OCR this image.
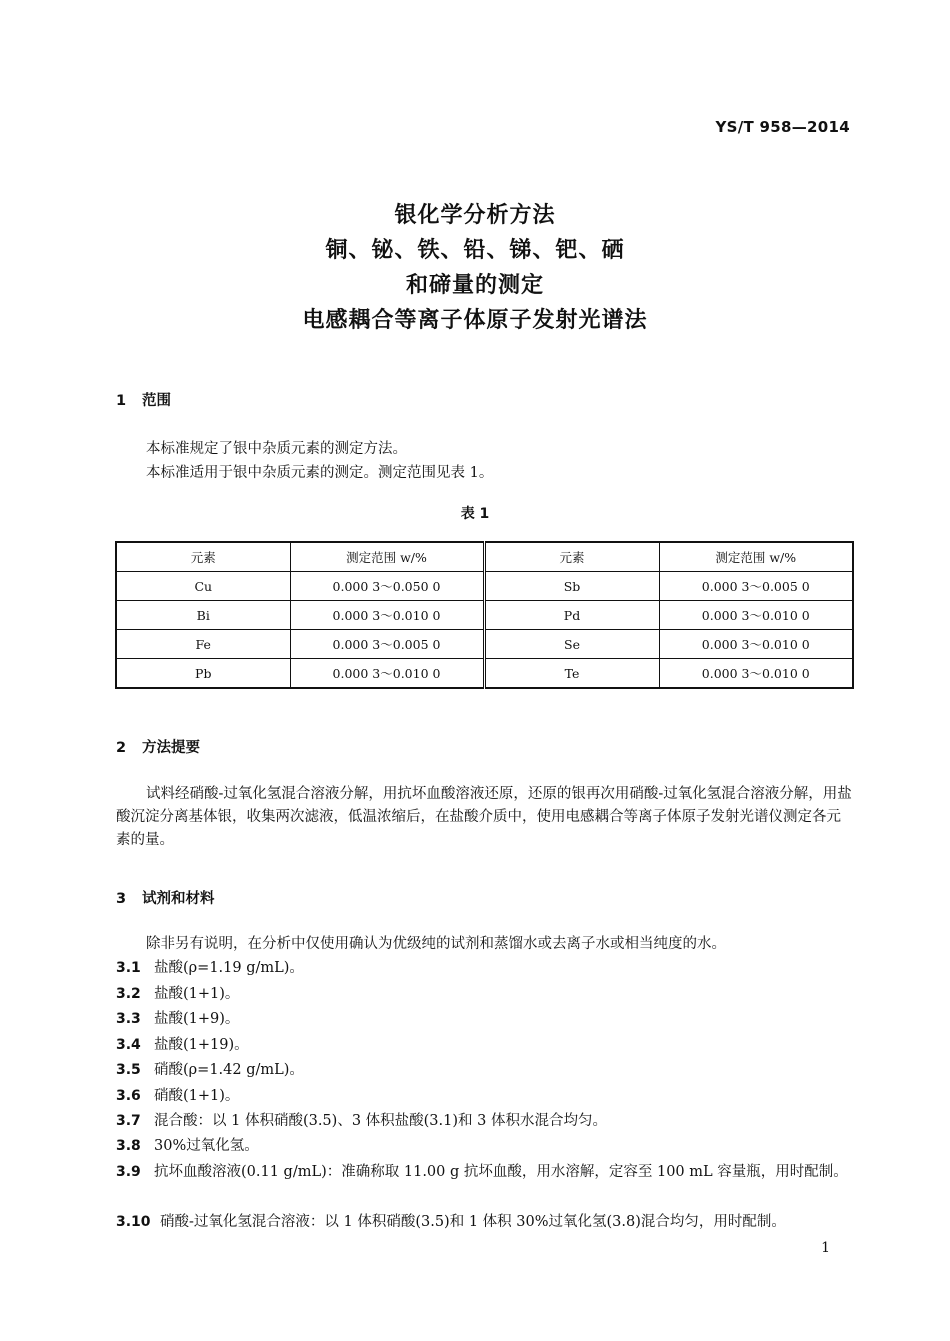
YS/T 958—2014
银化学分析方法
铜、铋、铁、铅、锑、钯、硒
和碲量的测定
电感耦合等离子体原子发射光谱法
1 范围
本标准规定了银中杂质元素的测定方法。
本标准适用于银中杂质元素的测定。测定范围见表 1。
表 1
元素	测定范围 w/%	元素	测定范围 w/%
Cu	0.000 3～0.050 0	Sb	0.000 3～0.005 0
Bi	0.000 3～0.010 0	Pd	0.000 3～0.010 0
Fe	0.000 3～0.005 0	Se	0.000 3～0.010 0
Pb	0.000 3～0.010 0	Te	0.000 3～0.010 0
2 方法提要
试料经硝酸-过氧化氢混合溶液分解，用抗坏血酸溶液还原，还原的银再次用硝酸-过氧化氢混合溶液分解，用盐酸沉淀分离基体银，收集两次滤液，低温浓缩后，在盐酸介质中，使用电感耦合等离子体原子发射光谱仪测定各元素的量。
3 试剂和材料
除非另有说明，在分析中仅使用确认为优级纯的试剂和蒸馏水或去离子水或相当纯度的水。
3.1 盐酸(ρ=1.19 g/mL)。
3.2 盐酸(1+1)。
3.3 盐酸(1+9)。
3.4 盐酸(1+19)。
3.5 硝酸(ρ=1.42 g/mL)。
3.6 硝酸(1+1)。
3.7 混合酸：以 1 体积硝酸(3.5)、3 体积盐酸(3.1)和 3 体积水混合均匀。
3.8 30%过氧化氢。
3.9 抗坏血酸溶液(0.11 g/mL)：准确称取 11.00 g 抗坏血酸，用水溶解，定容至 100 mL 容量瓶，用时配制。
3.10 硝酸-过氧化氢混合溶液：以 1 体积硝酸(3.5)和 1 体积 30%过氧化氢(3.8)混合均匀，用时配制。
1
